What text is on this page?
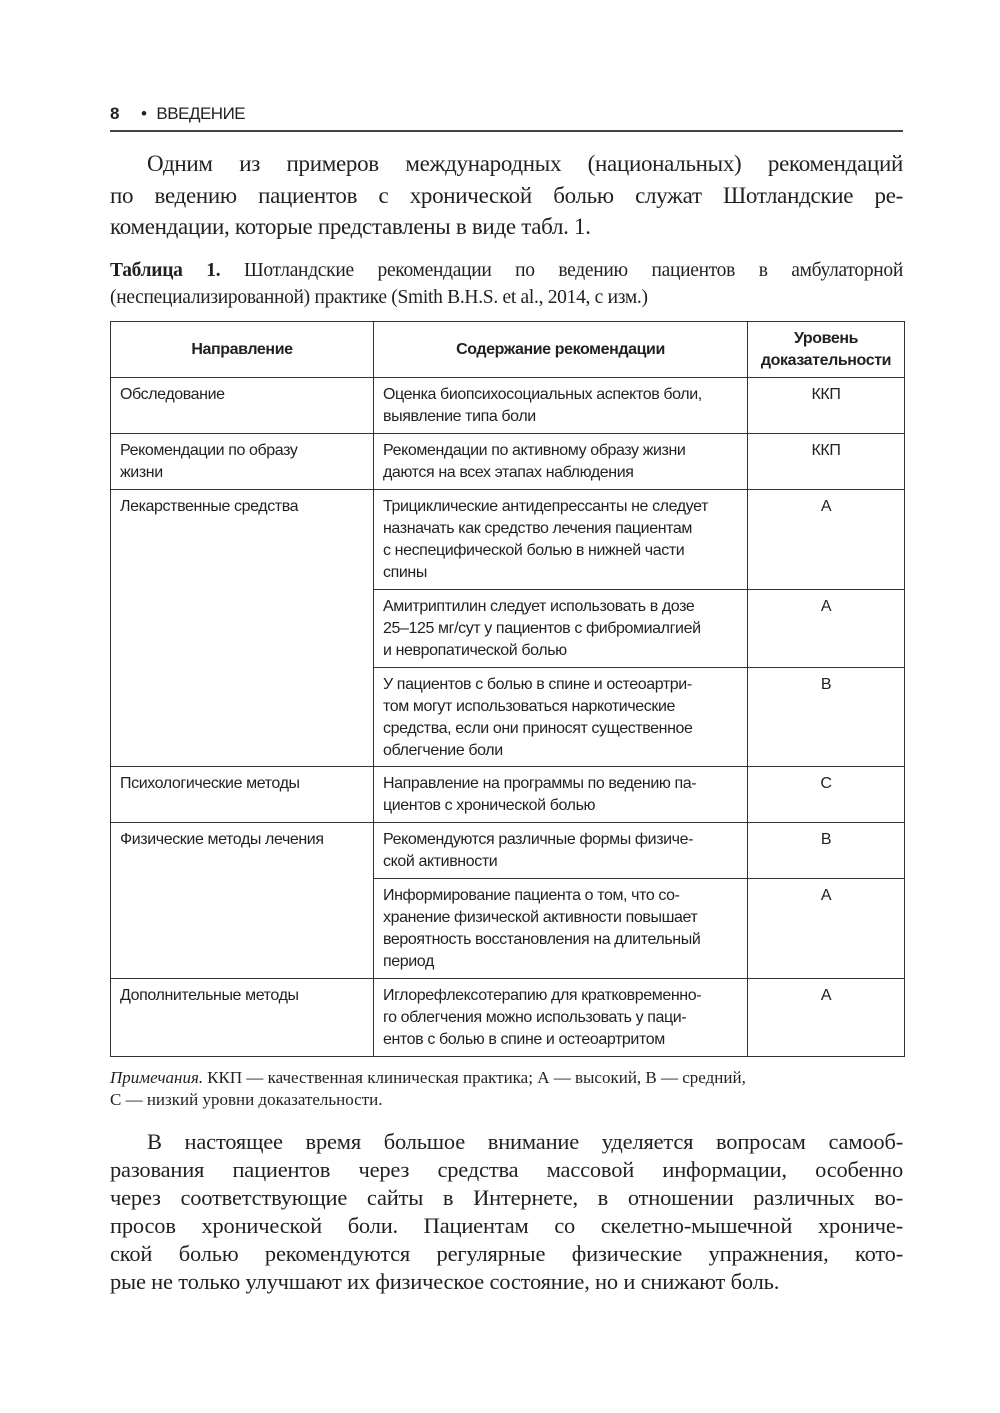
8 • ВВЕДЕНИЕ
Одним из примеров международных (национальных) рекомендаций
по ведению пациентов с хронической болью служат Шотландские ре-
комендации, которые представлены в виде табл. 1.
Таблица 1. Шотландские рекомендации по ведению пациентов в амбулаторной
(неспециализированной) практике (Smith B.H.S. et al., 2014, с изм.)
Направление	Содержание рекомендации	Уровень
доказательности
Обследование	Оценка биопсихосоциальных аспектов боли,
выявление типа боли	ККП
Рекомендации по образу
жизни	Рекомендации по активному образу жизни
даются на всех этапах наблюдения	ККП
Лекарственные средства	Трициклические антидепрессанты не следует
назначать как средство лечения пациентам
с неспецифической болью в нижней части
спины	A
	Амитриптилин следует использовать в дозе
25–125 мг/сут у пациентов с фибромиалгией
и невропатической болью	A
	У пациентов с болью в спине и остеоартри-
том могут использоваться наркотические
средства, если они приносят существенное
облегчение боли	B
Психологические методы	Направление на программы по ведению па-
циентов с хронической болью	C
Физические методы лечения	Рекомендуются различные формы физиче-
ской активности	B
	Информирование пациента о том, что со-
хранение физической активности повышает
вероятность восстановления на длительный
период	A
Дополнительные методы	Иглорефлексотерапию для кратковременно-
го облегчения можно использовать у паци-
ентов с болью в спине и остеоартритом	A
Примечания. ККП — качественная клиническая практика; А — высокий, В — средний,
С — низкий уровни доказательности.
В настоящее время большое внимание уделяется вопросам самооб-
разования пациентов через средства массовой информации, особенно
через соответствующие сайты в Интернете, в отношении различных во-
просов хронической боли. Пациентам со скелетно-мышечной хрониче-
ской болью рекомендуются регулярные физические упражнения, кото-
рые не только улучшают их физическое состояние, но и снижают боль.
